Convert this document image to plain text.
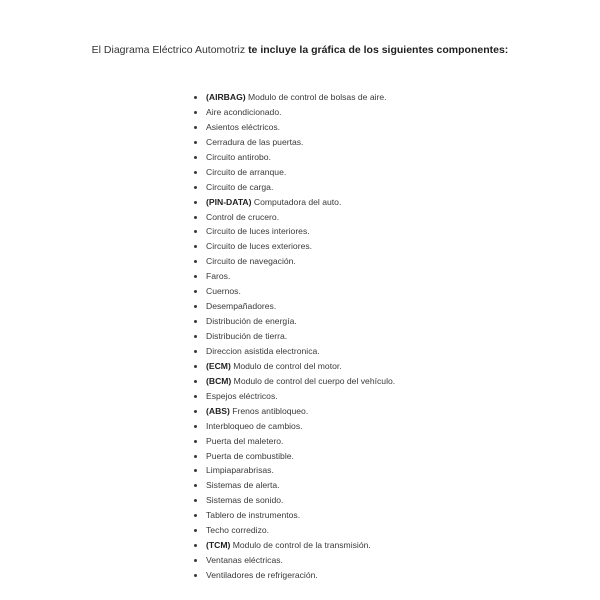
El Diagrama Eléctrico Automotriz te incluye la gráfica de los siguientes componentes:
(AIRBAG) Modulo de control de bolsas de aire.
Aire acondicionado.
Asientos eléctricos.
Cerradura de las puertas.
Circuito antirobo.
Circuito de arranque.
Circuito de carga.
(PIN-DATA) Computadora del auto.
Control de crucero.
Circuito de luces interiores.
Circuito de luces exteriores.
Circuito de navegación.
Faros.
Cuernos.
Desempañadores.
Distribución de energía.
Distribución de tierra.
Direccion asistida electronica.
(ECM) Modulo de control del motor.
(BCM) Modulo de control del cuerpo del vehículo.
Espejos eléctricos.
(ABS) Frenos antibloqueo.
Interbloqueo de cambios.
Puerta del maletero.
Puerta de combustible.
Limpiaparabrisas.
Sistemas de alerta.
Sistemas de sonido.
Tablero de instrumentos.
Techo corredizo.
(TCM) Modulo de control de la transmisión.
Ventanas eléctricas.
Ventiladores de refrigeración.
